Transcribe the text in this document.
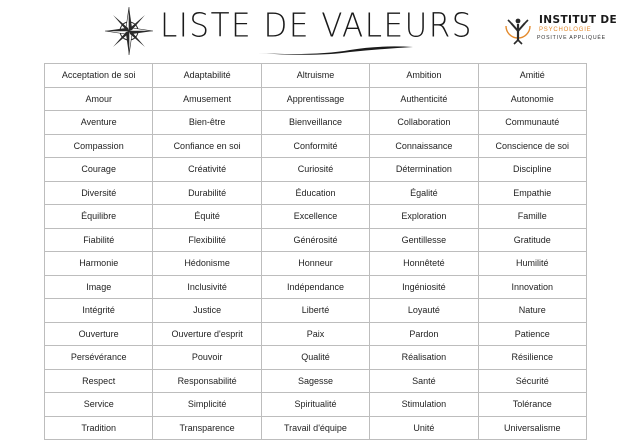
LISTE DE VALEURS	INSTITUT DE
PSYCHOLOGIE
POSITIVE APPLIQUÉE
Acceptation de soi	Adaptabilité	Altruisme	Ambition	Amitié
Amour	Amusement	Apprentissage	Authenticité	Autonomie
Aventure	Bien-être	Bienveillance	Collaboration	Communauté
Compassion	Confiance en soi	Conformité	Connaissance	Conscience de soi
Courage	Créativité	Curiosité	Détermination	Discipline
Diversité	Durabilité	Éducation	Égalité	Empathie
Équilibre	Équité	Excellence	Exploration	Famille
Fiabilité	Flexibilité	Générosité	Gentillesse	Gratitude
Harmonie	Hédonisme	Honneur	Honnêteté	Humilité
Image	Inclusivité	Indépendance	Ingéniosité	Innovation
Intégrité	Justice	Liberté	Loyauté	Nature
Ouverture	Ouverture d'esprit	Paix	Pardon	Patience
Persévérance	Pouvoir	Qualité	Réalisation	Résilience
Respect	Responsabilité	Sagesse	Santé	Sécurité
Service	Simplicité	Spiritualité	Stimulation	Tolérance
Tradition	Transparence	Travail d'équipe	Unité	Universalisme
